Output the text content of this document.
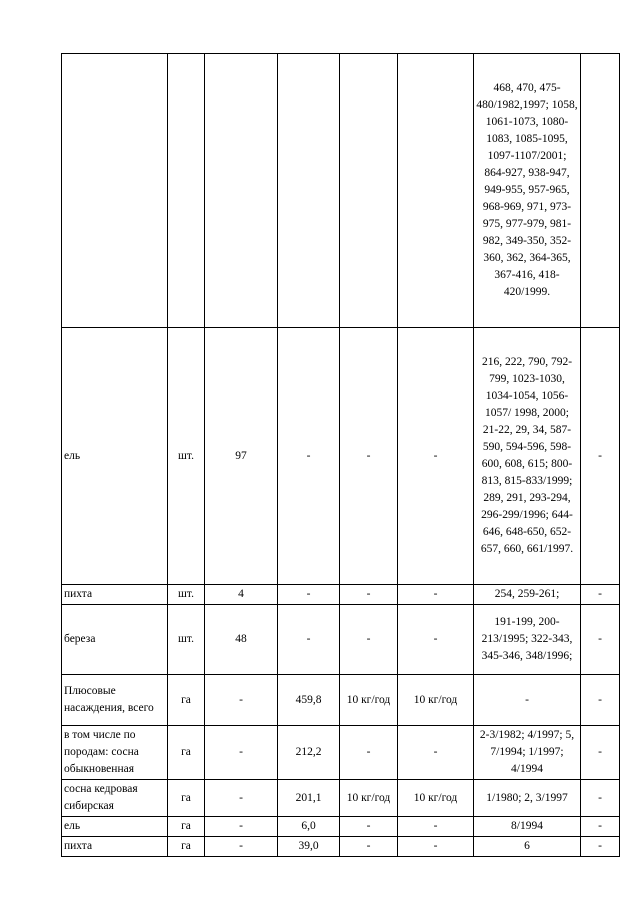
						468, 470, 475-480/1982,1997; 1058, 1061-1073, 1080-1083, 1085-1095, 1097-1107/2001; 864-927, 938-947, 949-955, 957-965, 968-969, 971, 973-975, 977-979, 981-982, 349-350, 352-360, 362, 364-365, 367-416, 418-420/1999.	
ель	шт.	97	-	-	-	216, 222, 790, 792-799, 1023-1030, 1034-1054, 1056-1057/ 1998, 2000; 21-22, 29, 34, 587-590, 594-596, 598-600, 608, 615; 800-813, 815-833/1999; 289, 291, 293-294, 296-299/1996; 644-646, 648-650, 652-657, 660, 661/1997.	-
пихта	шт.	4	-	-	-	254, 259-261;	-
береза	шт.	48	-	-	-	191-199, 200-213/1995; 322-343, 345-346, 348/1996;	-
Плюсовые насаждения, всего	га	-	459,8	10 кг/год	10 кг/год	-	-
в том числе по породам: сосна обыкновенная	га	-	212,2	-	-	2-3/1982; 4/1997; 5, 7/1994; 1/1997; 4/1994	-
сосна кедровая сибирская	га	-	201,1	10 кг/год	10 кг/год	1/1980; 2, 3/1997	-
ель	га	-	6,0	-	-	8/1994	-
пихта	га	-	39,0	-	-	6	-
